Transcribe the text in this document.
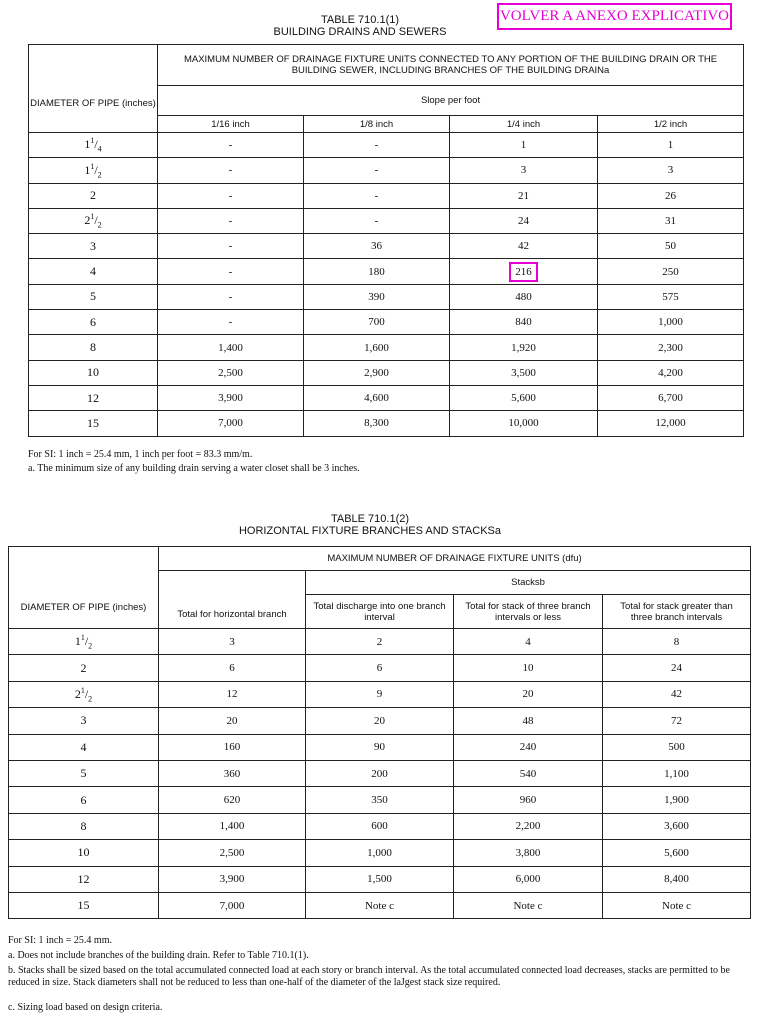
VOLVER A ANEXO EXPLICATIVO
TABLE 710.1(1)
BUILDING DRAINS AND SEWERS
DIAMETER OF PIPE (inches)	MAXIMUM NUMBER OF DRAINAGE FIXTURE UNITS CONNECTED TO ANY PORTION OF THE BUILDING DRAIN OR THE BUILDING SEWER, INCLUDING BRANCHES OF THE BUILDING DRAINa			
	Slope per foot			
	1/16 inch	1/8 inch	1/4 inch	1/2 inch
$1^1/_4$	-	-	1	1
$1^1/_2$	-	-	3	3
2	-	-	21	26
$2^1/_2$	-	-	24	31
3	-	36	42	50
4	-	180	216	250
5	-	390	480	575
6	-	700	840	1,000
8	1,400	1,600	1,920	2,300
10	2,500	2,900	3,500	4,200
12	3,900	4,600	5,600	6,700
15	7,000	8,300	10,000	12,000
For SI: 1 inch = 25.4 mm, 1 inch per foot = 83.3 mm/m.
a. The minimum size of any building drain serving a water closet shall be 3 inches.
TABLE 710.1(2)
HORIZONTAL FIXTURE BRANCHES AND STACKSa
DIAMETER OF PIPE (inches)	MAXIMUM NUMBER OF DRAINAGE FIXTURE UNITS (dfu)			
	Total for horizontal branch	Stacksb		
		Total discharge into one branch interval	Total for stack of three branch intervals or less	Total for stack greater than three branch intervals
$1^1/_2$	3	2	4	8
2	6	6	10	24
$2^1/_2$	12	9	20	42
3	20	20	48	72
4	160	90	240	500
5	360	200	540	1,100
6	620	350	960	1,900
8	1,400	600	2,200	3,600
10	2,500	1,000	3,800	5,600
12	3,900	1,500	6,000	8,400
15	7,000	Note c	Note c	Note c
For SI: 1 inch = 25.4 mm.
a. Does not include branches of the building drain. Refer to Table 710.1(1).
b. Stacks shall be sized based on the total accumulated connected load at each story or branch interval. As the total accumulated connected load decreases, stacks are permitted to be reduced in size. Stack diameters shall not be reduced to less than one-half of the diameter of the laJgest stack size required.
c. Sizing load based on design criteria.
